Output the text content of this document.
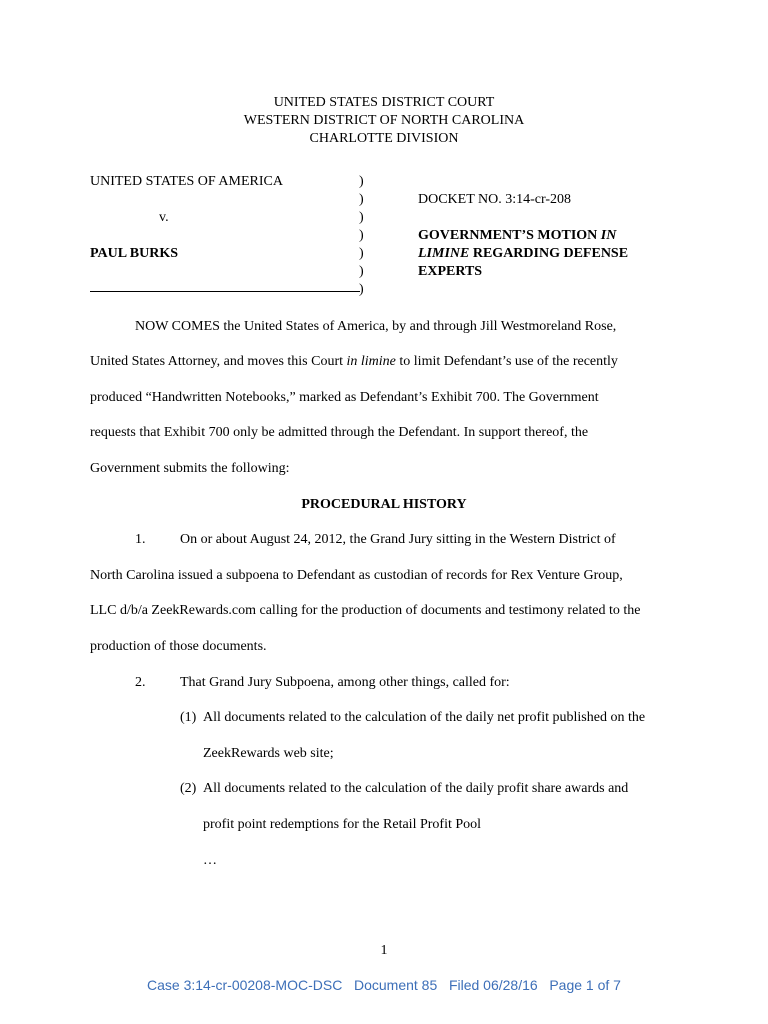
UNITED STATES DISTRICT COURT
WESTERN DISTRICT OF NORTH CAROLINA
CHARLOTTE DIVISION
UNITED STATES OF AMERICA
v.
PAUL BURKS
)
)
)
)
)
)
)
DOCKET NO. 3:14-cr-208
GOVERNMENT’S MOTION IN
LIMINE REGARDING DEFENSE
EXPERTS
NOW COMES the United States of America, by and through Jill Westmoreland Rose,
United States Attorney, and moves this Court in limine to limit Defendant’s use of the recently
produced “Handwritten Notebooks,” marked as Defendant’s Exhibit 700. The Government
requests that Exhibit 700 only be admitted through the Defendant. In support thereof, the
Government submits the following:
PROCEDURAL HISTORY
1. On or about August 24, 2012, the Grand Jury sitting in the Western District of
North Carolina issued a subpoena to Defendant as custodian of records for Rex Venture Group,
LLC d/b/a ZeekRewards.com calling for the production of documents and testimony related to the
production of those documents.
2. That Grand Jury Subpoena, among other things, called for:
(1) All documents related to the calculation of the daily net profit published on the
ZeekRewards web site;
(2) All documents related to the calculation of the daily profit share awards and
profit point redemptions for the Retail Profit Pool
…
1
Case 3:14-cr-00208-MOC-DSC Document 85 Filed 06/28/16 Page 1 of 7
